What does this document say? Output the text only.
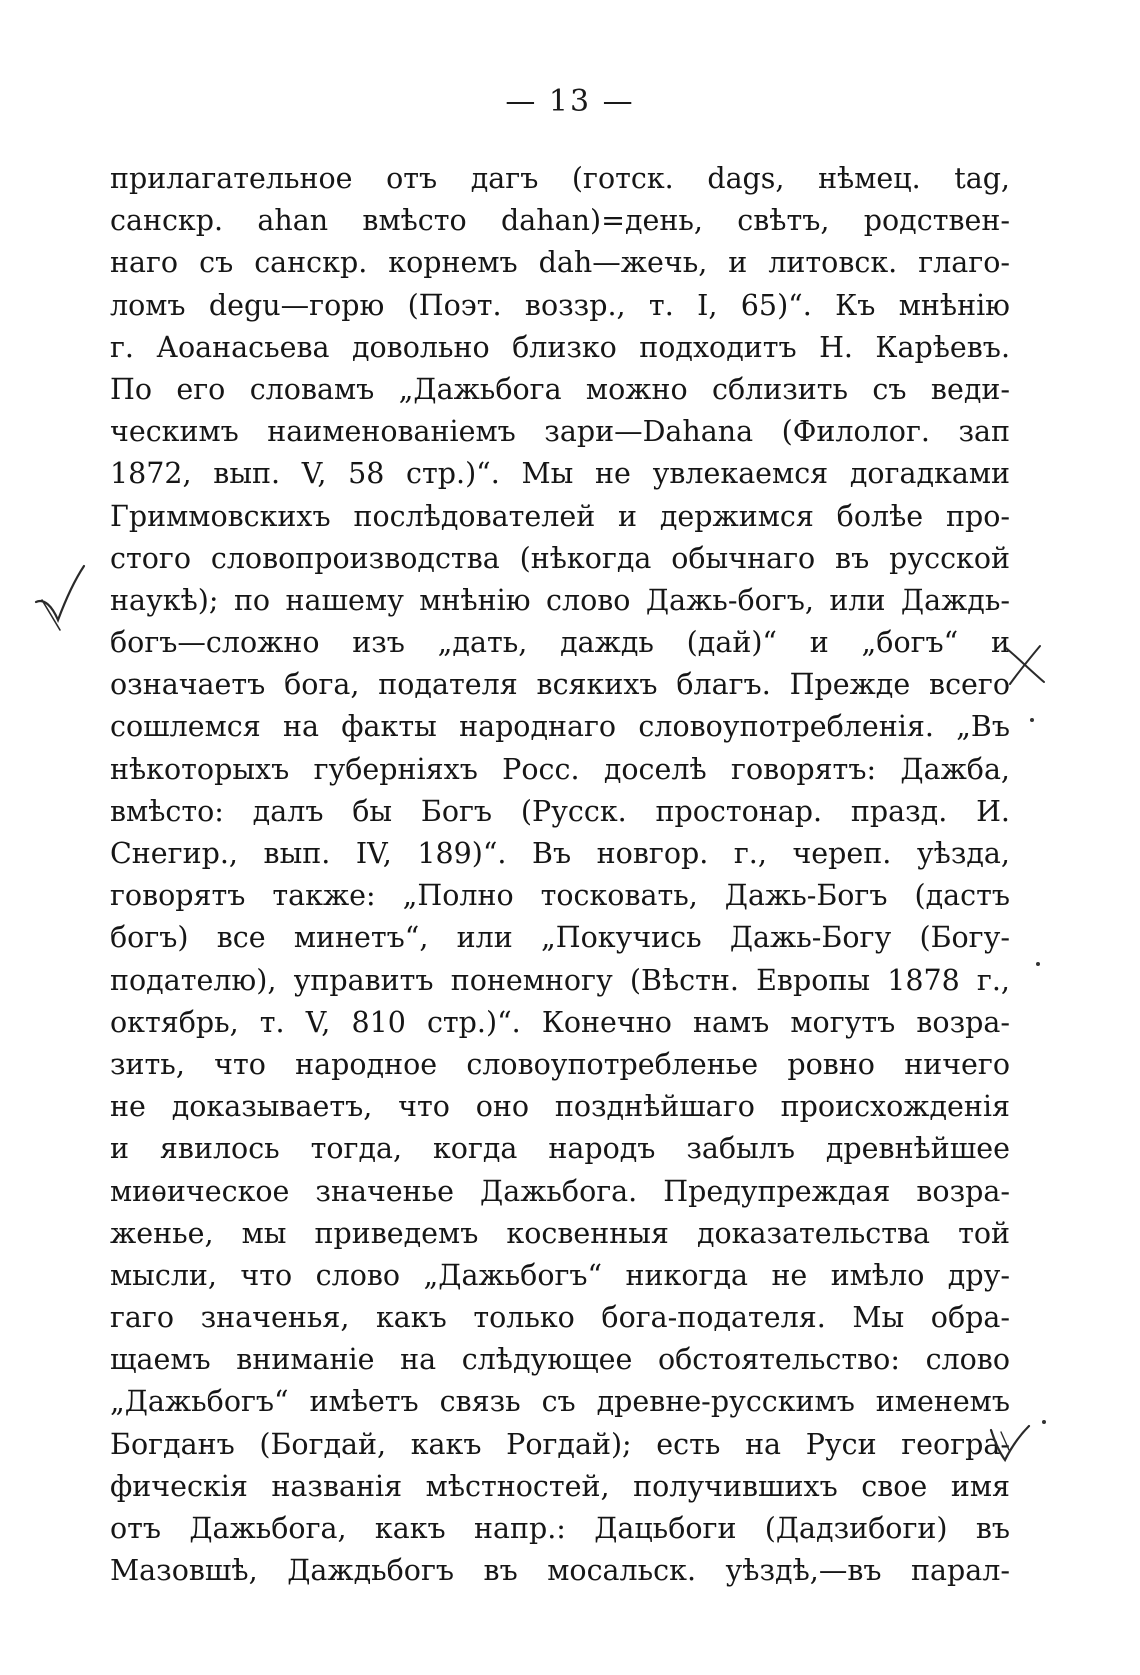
— 13 —
прилагательное отъ дагъ (готск. dags, нѣмец. tag,
санскр. ahan вмѣсто dahan)=день, свѣтъ, родствен-
наго съ санскр. корнемъ dah—жечь, и литовск. глаго-
ломъ degu—горю (Поэт. воззр., т. I, 65)“. Къ мнѣнію
г. Аоанасьева довольно близко подходитъ Н. Карѣевъ.
По его словамъ „Дажьбога можно сблизить съ веди-
ческимъ наименованіемъ зари—Dahana (Филолог. зап
1872, вып. V, 58 стр.)“. Мы не увлекаемся догадками
Гриммовскихъ послѣдователей и держимся болѣе про-
стого словопроизводства (нѣкогда обычнаго въ русской
наукѣ); по нашему мнѣнію слово Дажь-богъ, или Даждь-
богъ—сложно изъ „дать, даждь (дай)“ и „богъ“ и
означаетъ бога, подателя всякихъ благъ. Прежде всего
сошлемся на факты народнаго словоупотребленія. „Въ
нѣкоторыхъ губерніяхъ Росс. доселѣ говорятъ: Дажба,
вмѣсто: далъ бы Богъ (Русск. простонар. празд. И.
Снегир., вып. IV, 189)“. Въ новгор. г., череп. уѣзда,
говорятъ также: „Полно тосковать, Дажь-Богъ (дастъ
богъ) все минетъ“, или „Покучись Дажь-Богу (Богу-
подателю), управитъ понемногу (Вѣстн. Европы 1878 г.,
октябрь, т. V, 810 стр.)“. Конечно намъ могутъ возра-
зить, что народное словоупотребленье ровно ничего
не доказываетъ, что оно позднѣйшаго происхожденія
и явилось тогда, когда народъ забылъ древнѣйшее
миѳическое значенье Дажьбога. Предупреждая возра-
женье, мы приведемъ косвенныя доказательства той
мысли, что слово „Дажьбогъ“ никогда не имѣло дру-
гаго значенья, какъ только бога-подателя. Мы обра-
щаемъ вниманіе на слѣдующее обстоятельство: слово
„Дажьбогъ“ имѣетъ связь съ древне-русскимъ именемъ
Богданъ (Богдай, какъ Рогдай); есть на Руси геогра-
фическія названія мѣстностей, получившихъ свое имя
отъ Дажьбога, какъ напр.: Дацьбоги (Дадзибоги) въ
Мазовшѣ, Даждьбогъ въ мосальск. уѣздѣ,—въ парал-
